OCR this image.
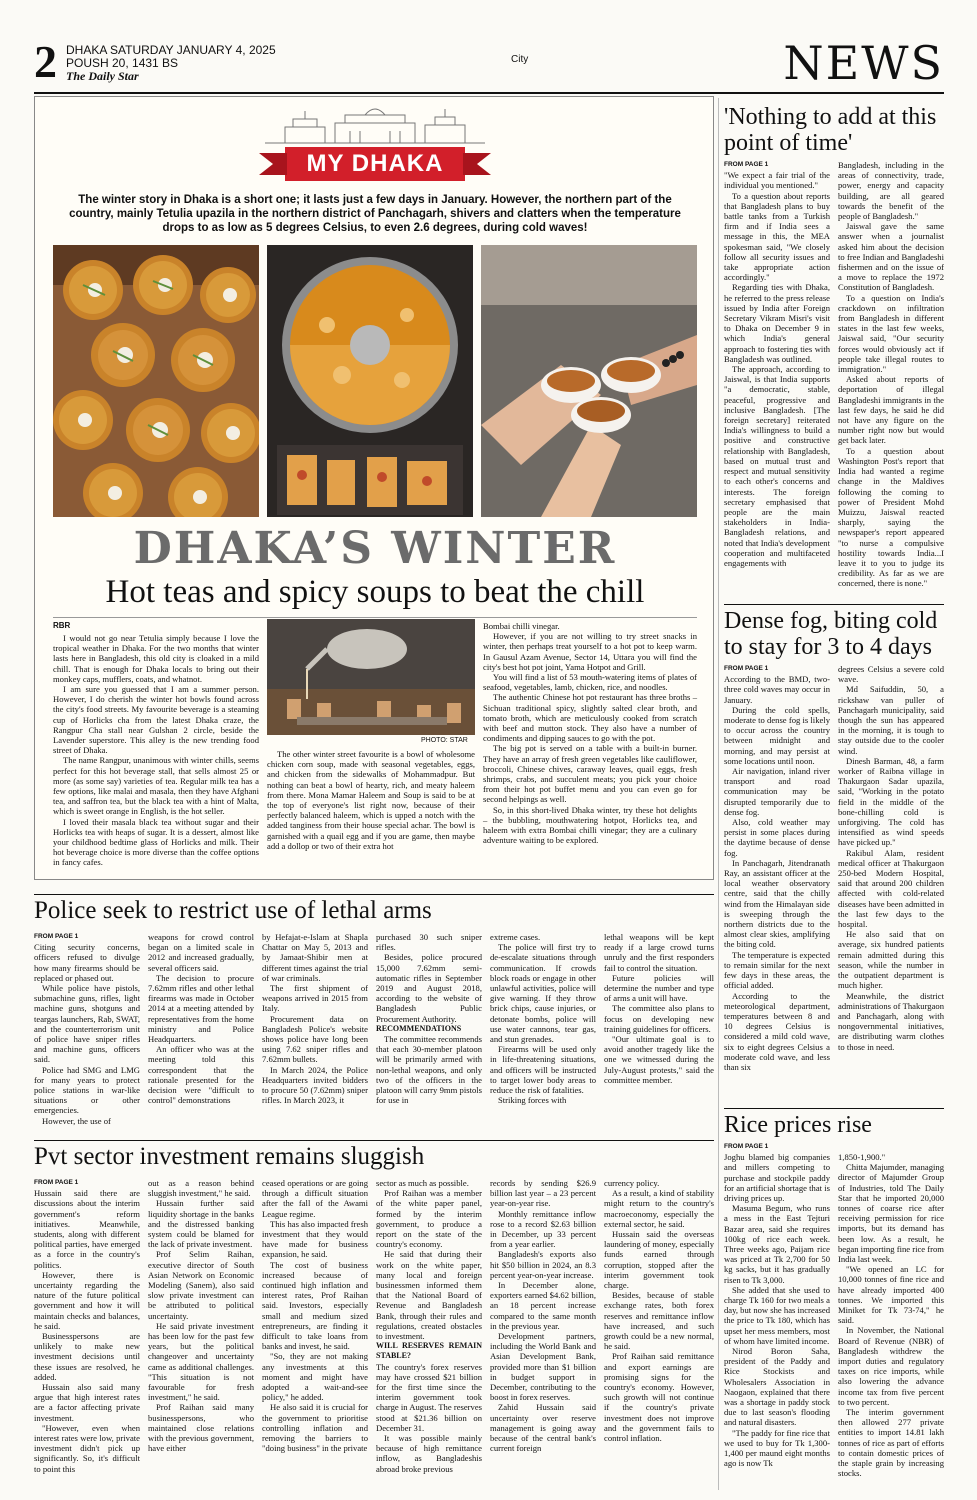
2 DHAKA SATURDAY JANUARY 4, 2025
POUSH 20, 1431 BS
The Daily Star
City	NEWS
MY DHAKA
The winter story in Dhaka is a short one; it lasts just a few days in January. However, the northern part of the country, mainly Tetulia upazila in the northern district of Panchagarh, shivers and clatters when the temperature drops to as low as 5 degrees Celsius, to even 2.6 degrees, during cold waves!
DHAKA’S WINTER
Hot teas and spicy soups to beat the chill
RBR

I would not go near Tetulia simply because I love the tropical weather in Dhaka. For the two months that winter lasts here in Bangladesh, this old city is cloaked in a mild chill. That is enough for Dhaka locals to bring out their monkey caps, mufflers, coats, and whatnot.

I am sure you guessed that I am a summer person. However, I do cherish the winter hot bowls found across the city's food streets. My favourite beverage is a steaming cup of Horlicks cha from the latest Dhaka craze, the Rangpur Cha stall near Gulshan 2 circle, beside the Lavender superstore. This alley is the new trending food street of Dhaka.

The name Rangpur, unanimous with winter chills, seems perfect for this hot beverage stall, that sells almost 25 or more (as some say) varieties of tea. Regular milk tea has a few options, like malai and masala, then they have Afghani tea, and saffron tea, but the black tea with a hint of Malta, which is sweet orange in English, is the hot seller.

I loved their masala black tea without sugar and their Horlicks tea with heaps of sugar. It is a dessert, almost like your childhood bedtime glass of Horlicks and milk. Their hot beverage choice is more diverse than the coffee options in fancy cafes.

PHOTO: STAR

The other winter street favourite is a bowl of wholesome chicken corn soup, made with seasonal vegetables, eggs, and chicken from the sidewalks of Mohammadpur. But nothing can beat a bowl of hearty, rich, and meaty haleem from there. Mona Mamar Haleem and Soup is said to be at the top of everyone's list right now, because of their perfectly balanced haleem, which is upped a notch with the added tanginess from their house special achar. The bowl is garnished with a quail egg and if you are game, then maybe add a dollop or two of their extra hot

Bombai chilli vinegar.

However, if you are not willing to try street snacks in winter, then perhaps treat yourself to a hot pot to keep warm. In Gausul Azam Avenue, Sector 14, Uttara you will find the city's best hot pot joint, Yama Hotpot and Grill.

You will find a list of 53 mouth-watering items of plates of seafood, vegetables, lamb, chicken, rice, and noodles.

The authentic Chinese hot pot restaurant has three broths – Sichuan traditional spicy, slightly salted clear broth, and tomato broth, which are meticulously cooked from scratch with beef and mutton stock. They also have a number of condiments and dipping sauces to go with the pot.

The big pot is served on a table with a built-in burner. They have an array of fresh green vegetables like cauliflower, broccoli, Chinese chives, caraway leaves, quail eggs, fresh shrimps, crabs, and succulent meats; you pick your choice from their hot pot buffet menu and you can even go for second helpings as well.

So, in this short-lived Dhaka winter, try these hot delights – the bubbling, mouthwatering hotpot, Horlicks tea, and haleem with extra Bombai chilli vinegar; they are a culinary adventure waiting to be explored.

'Nothing to add at this point of time'
FROM PAGE 1

"We expect a fair trial of the individual you mentioned."

To a question about reports that Bangladesh plans to buy battle tanks from a Turkish firm and if India sees a message in this, the MEA spokesman said, "We closely follow all security issues and take appropriate action accordingly."

Regarding ties with Dhaka, he referred to the press release issued by India after Foreign Secretary Vikram Misri's visit to Dhaka on December 9 in which India's general approach to fostering ties with Bangladesh was outlined.

The approach, according to Jaiswal, is that India supports "a democratic, stable, peaceful, progressive and inclusive Bangladesh. [The foreign secretary] reiterated India's willingness to build a positive and constructive relationship with Bangladesh, based on mutual trust and respect and mutual sensitivity to each other's concerns and interests. The foreign secretary emphasised that people are the main stakeholders in India-Bangladesh relations, and noted that India's development cooperation and multifaceted engagements with

Bangladesh, including in the areas of connectivity, trade, power, energy and capacity building, are all geared towards the benefit of the people of Bangladesh."

Jaiswal gave the same answer when a journalist asked him about the decision to free Indian and Bangladeshi fishermen and on the issue of a move to replace the 1972 Constitution of Bangladesh.

To a question on India's crackdown on infiltration from Bangladesh in different states in the last few weeks, Jaiswal said, "Our security forces would obviously act if people take illegal routes to immigration."

Asked about reports of deportation of illegal Bangladeshi immigrants in the last few days, he said he did not have any figure on the number right now but would get back later.

To a question about Washington Post's report that India had wanted a regime change in the Maldives following the coming to power of President Mohd Muizzu, Jaiswal reacted sharply, saying the newspaper's report appeared "to nurse a compulsive hostility towards India...I leave it to you to judge its credibility. As far as we are concerned, there is none."

Dense fog, biting cold to stay for 3 to 4 days
FROM PAGE 1

According to the BMD, two-three cold waves may occur in January.

During the cold spells, moderate to dense fog is likely to occur across the country between midnight and morning, and may persist at some locations until noon.

Air navigation, inland river transport and road communication may be disrupted temporarily due to dense fog.

Also, cold weather may persist in some places during the daytime because of dense fog.

In Panchagarh, Jitendranath Ray, an assistant officer at the local weather observatory centre, said that the chilly wind from the Himalayan side is sweeping through the northern districts due to the almost clear skies, amplifying the biting cold.

The temperature is expected to remain similar for the next few days in these areas, the official added.

According to the meteorological department, temperatures between 8 and 10 degrees Celsius is considered a mild cold wave, six to eight degrees Celsius a moderate cold wave, and less than six

degrees Celsius a severe cold wave.

Md Saifuddin, 50, a rickshaw van puller of Panchagarh municipality, said though the sun has appeared in the morning, it is tough to stay outside due to the cooler wind.

Dinesh Barman, 48, a farm worker of Raibna village in Thakurgaon Sadar upazila, said, "Working in the potato field in the middle of the bone-chilling cold is unforgiving. The cold has intensified as wind speeds have picked up."

Rakibul Alam, resident medical officer at Thakurgaon 250-bed Modern Hospital, said that around 200 children affected with cold-related diseases have been admitted in the last few days to the hospital.

He also said that on average, six hundred patients remain admitted during this season, while the number in the outpatient department is much higher.

Meanwhile, the district administrations of Thakurgaon and Panchagarh, along with nongovernmental initiatives, are distributing warm clothes to those in need.

Rice prices rise
FROM PAGE 1

Joghu blamed big companies and millers competing to purchase and stockpile paddy for an artificial shortage that is driving prices up.

Masuma Begum, who runs a mess in the East Tejturi Bazar area, said she requires 100kg of rice each week. Three weeks ago, Paijam rice was priced at Tk 2,700 for 50 kg sacks, but it has gradually risen to Tk 3,000.

She added that she used to charge Tk 160 for two meals a day, but now she has increased the price to Tk 180, which has upset her mess members, most of whom have limited income.

Nirod Boron Saha, president of the Paddy and Rice Stockists and Wholesalers Association in Naogaon, explained that there was a shortage in paddy stock due to last season's flooding and natural disasters.

"The paddy for fine rice that we used to buy for Tk 1,300-1,400 per maund eight months ago is now Tk

1,850-1,900."

Chitta Majumder, managing director of Majumder Group of Industries, told The Daily Star that he imported 20,000 tonnes of coarse rice after receiving permission for rice imports, but its demand has been low. As a result, he began importing fine rice from India last week.

"We opened an LC for 10,000 tonnes of fine rice and have already imported 400 tonnes. We imported this Miniket for Tk 73-74," he said.

In November, the National Board of Revenue (NBR) of Bangladesh withdrew the import duties and regulatory taxes on rice imports, while also lowering the advance income tax from five percent to two percent.

The interim government then allowed 277 private entities to import 14.81 lakh tonnes of rice as part of efforts to contain domestic prices of the staple grain by increasing stocks.

Police seek to restrict use of lethal arms
FROM PAGE 1

Citing security concerns, officers refused to divulge how many firearms should be replaced or phased out.

While police have pistols, submachine guns, rifles, light machine guns, shotguns and teargas launchers, Rab, SWAT, and the counterterrorism unit of police have sniper rifles and machine guns, officers said.

Police had SMG and LMG for many years to protect police stations in war-like situations or other emergencies.

However, the use of

weapons for crowd control began on a limited scale in 2012 and increased gradually, several officers said.

The decision to procure 7.62mm rifles and other lethal firearms was made in October 2014 at a meeting attended by representatives from the home ministry and Police Headquarters.

An officer who was at the meeting told this correspondent that the rationale presented for the decision were "difficult to control" demonstrations

by Hefajat-e-Islam at Shapla Chattar on May 5, 2013 and by Jamaat-Shibir men at different times against the trial of war criminals.

The first shipment of weapons arrived in 2015 from Italy.

Procurement data on Bangladesh Police's website shows police have long been using 7.62 sniper rifles and 7.62mm bullets.

In March 2024, the Police Headquarters invited bidders to procure 50 (7.62mm) sniper rifles. In March 2023, it

purchased 30 such sniper rifles.

Besides, police procured 15,000 7.62mm semi-automatic rifles in September 2019 and August 2018, according to the website of Bangladesh Public Procurement Authority.

RECOMMENDATIONS

The committee recommends that each 30-member platoon will be primarily armed with non-lethal weapons, and only two of the officers in the platoon will carry 9mm pistols for use in

extreme cases.

The police will first try to de-escalate situations through communication. If crowds block roads or engage in other unlawful activities, police will give warning. If they throw brick chips, cause injuries, or detonate bombs, police will use water cannons, tear gas, and stun grenades.

Firearms will be used only in life-threatening situations, and officers will be instructed to target lower body areas to reduce the risk of fatalities.

Striking forces with

lethal weapons will be kept ready if a large crowd turns unruly and the first responders fail to control the situation.

Future policies will determine the number and type of arms a unit will have.

The committee also plans to focus on developing new training guidelines for officers.

"Our ultimate goal is to avoid another tragedy like the one we witnessed during the July-August protests," said the committee member.

Pvt sector investment remains sluggish
FROM PAGE 1

Hussain said there are discussions about the interim government's reform initiatives. Meanwhile, students, along with different political parties, have emerged as a force in the country's politics.

However, there is uncertainty regarding the nature of the future political government and how it will maintain checks and balances, he said.

Businesspersons are unlikely to make new investment decisions until these issues are resolved, he added.

Hussain also said many argue that high interest rates are a factor affecting private investment.

"However, even when interest rates were low, private investment didn't pick up significantly. So, it's difficult to point this

out as a reason behind sluggish investment," he said.

Hussain further said liquidity shortage in the banks and the distressed banking system could be blamed for the lack of private investment.

Prof Selim Raihan, executive director of South Asian Network on Economic Modeling (Sanem), also said slow private investment can be attributed to political uncertainty.

He said private investment has been low for the past few years, but the political changeover and uncertainty came as additional challenges. "This situation is not favourable for fresh investment," he said.

Prof Raihan said many businesspersons, who maintained close relations with the previous government, have either

ceased operations or are going through a difficult situation after the fall of the Awami League regime.

This has also impacted fresh investment that they would have made for business expansion, he said.

The cost of business increased because of continued high inflation and interest rates, Prof Raihan said. Investors, especially small and medium sized entrepreneurs, are finding it difficult to take loans from banks and invest, he said.

"So, they are not making any investments at this moment and might have adopted a wait-and-see policy," he added.

He also said it is crucial for the government to prioritise controlling inflation and removing the barriers to "doing business" in the private

sector as much as possible.

Prof Raihan was a member of the white paper panel, formed by the interim government, to produce a report on the state of the country's economy.

He said that during their work on the white paper, many local and foreign businessmen informed them that the National Board of Revenue and Bangladesh Bank, through their rules and regulations, created obstacles to investment.

WILL RESERVES REMAIN STABLE?

The country's forex reserves may have crossed $21 billion for the first time since the interim government took charge in August. The reserves stood at $21.36 billion on December 31.

It was possible mainly because of high remittance inflow, as Bangladeshis abroad broke previous

records by sending $26.9 billion last year – a 23 percent year-on-year rise.

Monthly remittance inflow rose to a record $2.63 billion in December, up 33 percent from a year earlier.

Bangladesh's exports also hit $50 billion in 2024, an 8.3 percent year-on-year increase.

In December alone, exporters earned $4.62 billion, an 18 percent increase compared to the same month in the previous year.

Development partners, including the World Bank and Asian Development Bank, provided more than $1 billion in budget support in December, contributing to the boost in forex reserves.

Zahid Hussain said uncertainty over reserve management is going away because of the central bank's current foreign

currency policy.

As a result, a kind of stability might return to the country's macroeconomy, especially the external sector, he said.

Hussain said the overseas laundering of money, especially funds earned through corruption, stopped after the interim government took charge.

Besides, because of stable exchange rates, both forex reserves and remittance inflow have increased, and such growth could be a new normal, he said.

Prof Raihan said remittance and export earnings are promising signs for the country's economy. However, such growth will not continue if the country's private investment does not improve and the government fails to control inflation.
